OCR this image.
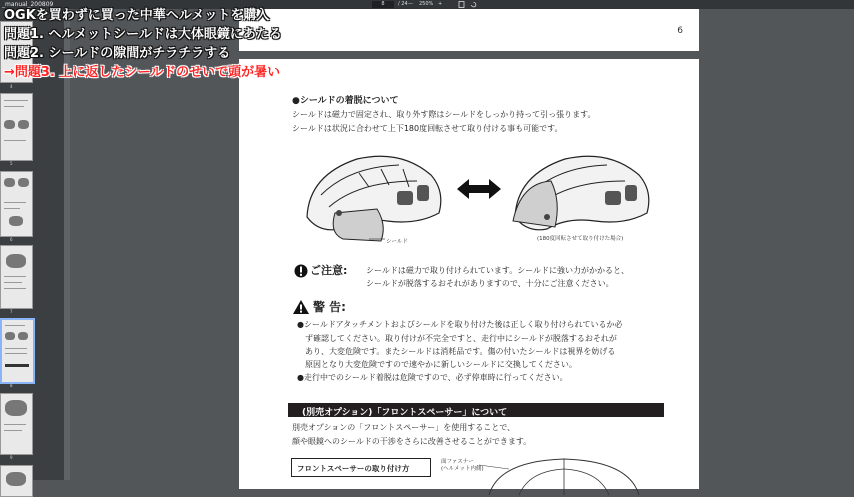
_manual_200809	8	/ 24 — 250% +
4
5
6
7
8
9
6
●シールドの着脱について
シールドは磁力で固定され、取り外す際はシールドをしっかり持って引っ張ります。
シールドは状況に合わせて上下180度回転させて取り付ける事も可能です。
シールド	(180度回転させて取り付けた場合)
ご注意: シールドは磁力で取り付けられています。シールドに強い力がかかると、
シールドが脱落するおそれがありますので、十分にご注意ください。
警 告:
●シールドアタッチメントおよびシールドを取り付けた後は正しく取り付けられているか必
ず確認してください。取り付けが不完全ですと、走行中にシールドが脱落するおそれが
あり、大変危険です。またシールドは消耗品です。傷の付いたシールドは視界を妨げる
原因となり大変危険ですので速やかに新しいシールドに交換してください。
●走行中でのシールド着脱は危険ですので、必ず停車時に行ってください。
(別売オプション)「フロントスペーサー」について
別売オプションの「フロントスペーサー」を使用することで、
顔や眼鏡へのシールドの干渉をさらに改善させることができます。
フロントスペーサーの取り付け方
面ファスナー
(ヘルメット内側)
OGKを買わずに買った中華ヘルメットを購入
問題1. ヘルメットシールドは大体眼鏡にあたる
問題2. シールドの隙間がチラチラする
→問題3. 上に返したシールドのせいで頭が暑い
